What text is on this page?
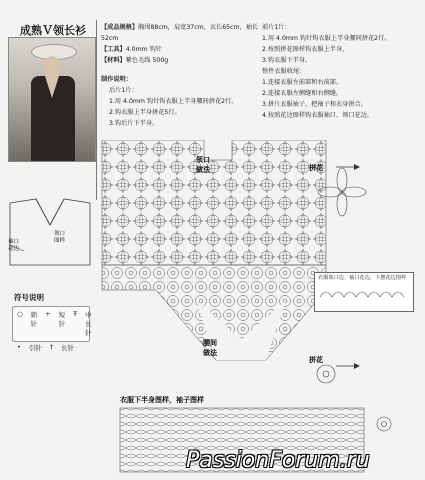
成熟Ｖ领长衫 【成品规格】胸围88cm，肩宽37cm，衣长65cm，袖长52cm
【工具】4.0mm 钩针
【材料】紫色毛线 500g
制作说明：
后片1片：
1.用 4.0mm 钩针钩衣服上半身腰间拼花2行。
2.钩衣服上半身拼花5行。
3.钩后片下半身。
前片1片：
1.用 4.0mm 钩针钩衣服上半身腰间拼花2行。
2.按照拼花图样钩衣服上半身，
3.钩衣服下半身。
整件衣服收尾：
1.连接衣服左前部和右前部。
2.连接衣服左侧缝和右侧缝。
3.拼片衣服袖子，把袖子和衣身拼合。
4.按照花边图样钩衣服袖口、领口花边。
领口
图样
袖口
花边
符号说明
○ 锁针
+ 短针
Ŧ 中长针
• 引针 † 长针
领口
做法
腰间
做法
拼花
拼花
衣服下半身图样，袖子图样
衣服领口边、袖口花边，下摆花边图样
PassionForum.ru
